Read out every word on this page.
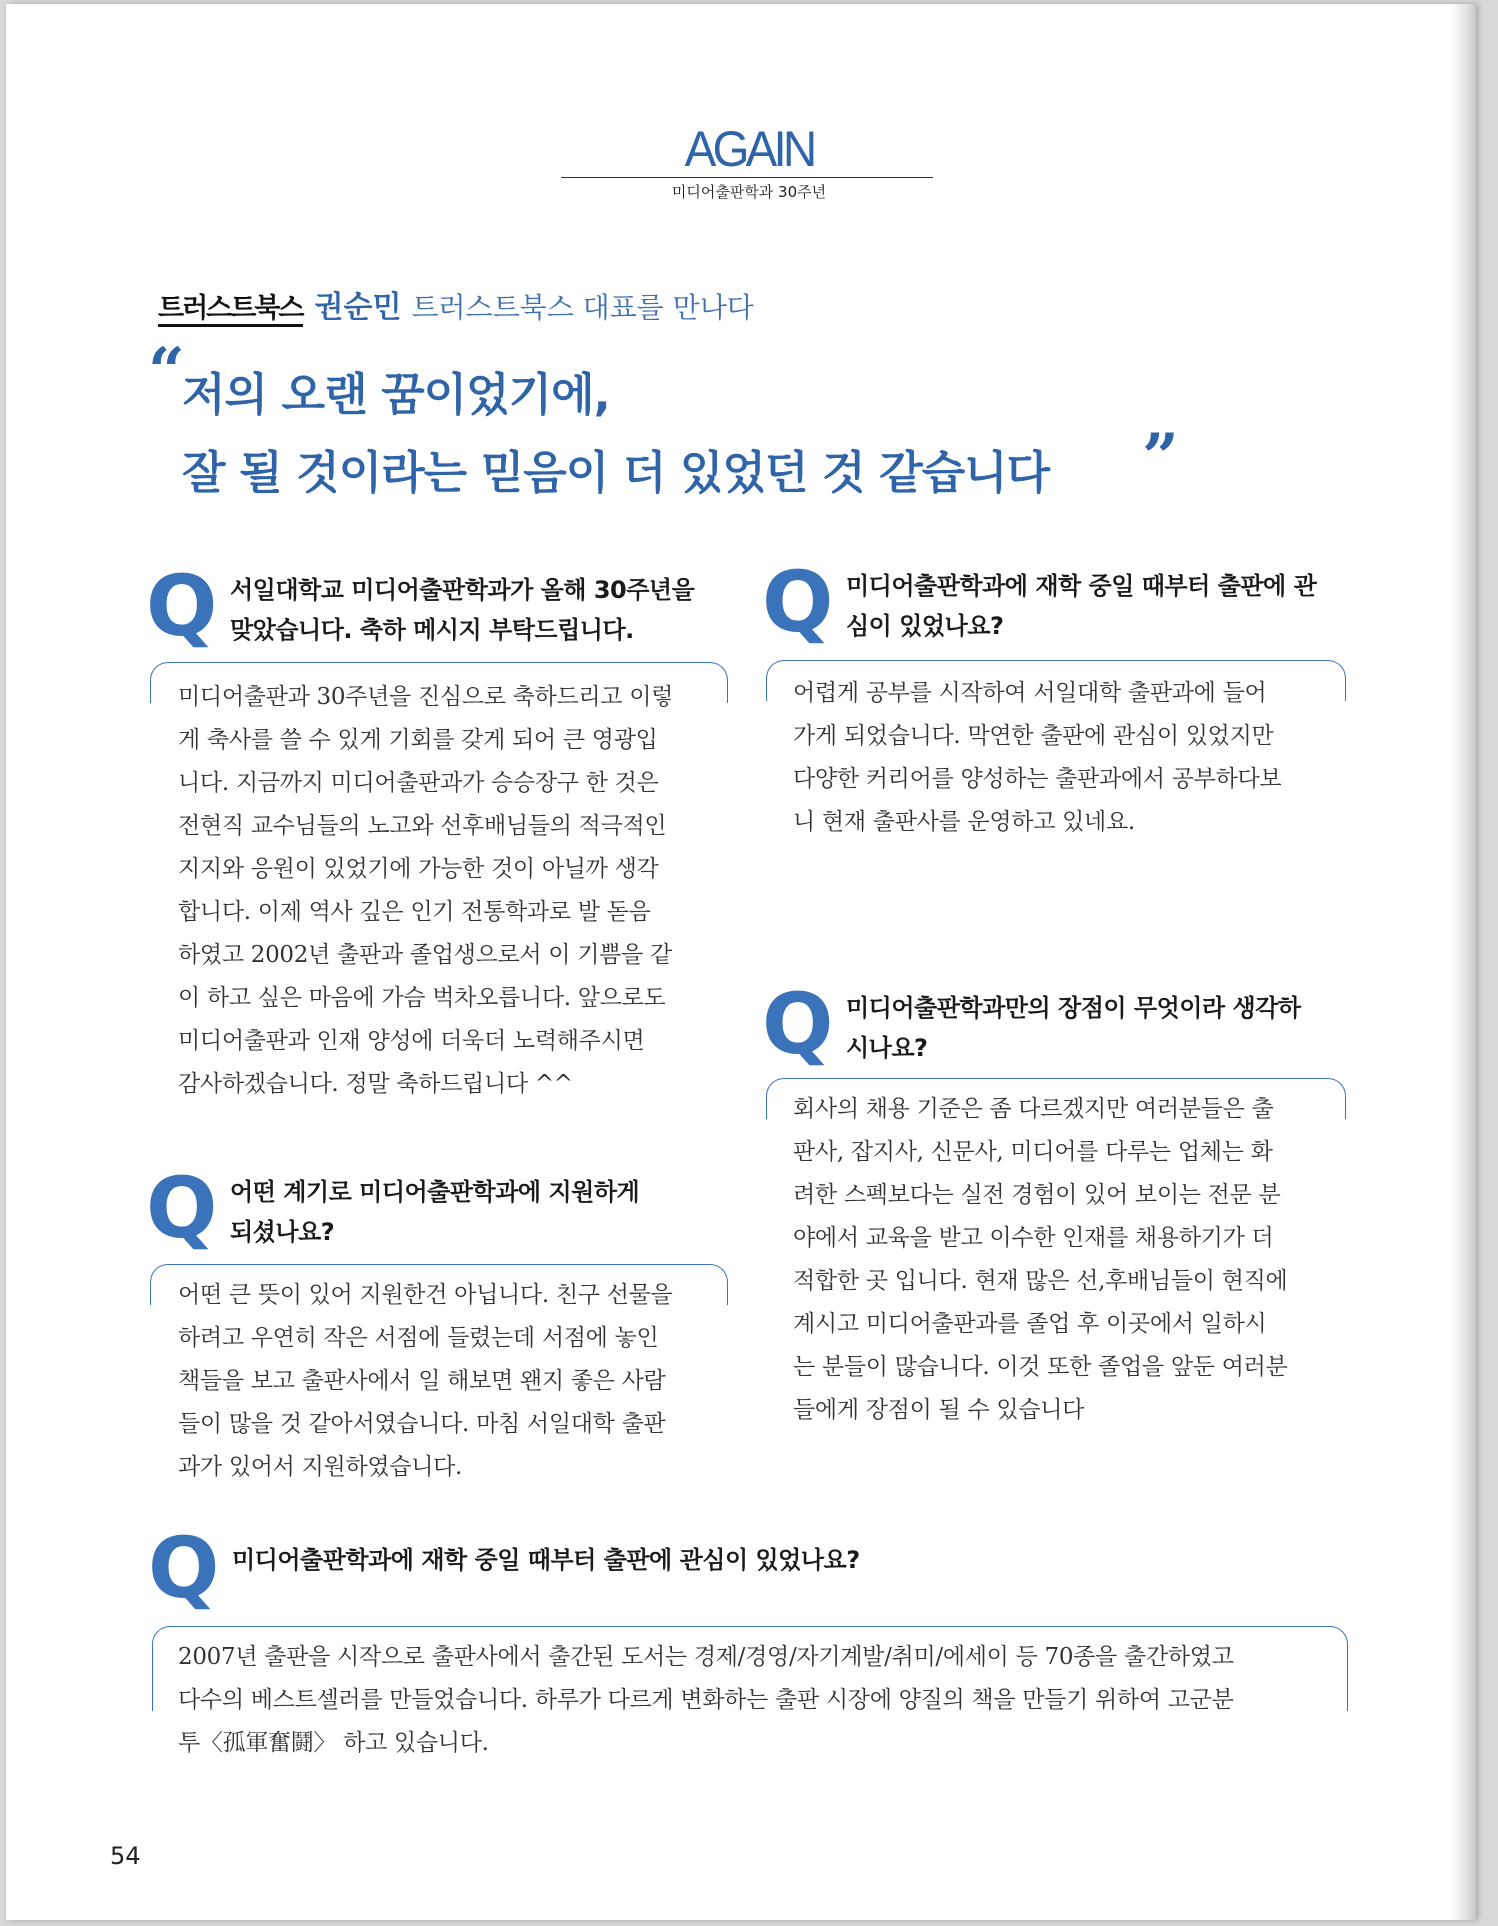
AGAIN
미디어출판학과 30주년
트러스트북스 권순민 트러스트북스 대표를 만나다
“
저의 오랜 꿈이었기에,
잘 될 것이라는 믿음이 더 있었던 것 같습니다	”
Q 서일대학교 미디어출판학과가 올해 30주년을
맞았습니다. 축하 메시지 부탁드립니다.
미디어출판과 30주년을 진심으로 축하드리고 이렇
게 축사를 쓸 수 있게 기회를 갖게 되어 큰 영광입
니다. 지금까지 미디어출판과가 승승장구 한 것은
전현직 교수님들의 노고와 선후배님들의 적극적인
지지와 응원이 있었기에 가능한 것이 아닐까 생각
합니다. 이제 역사 깊은 인기 전통학과로 발 돋음
하였고 2002년 출판과 졸업생으로서 이 기쁨을 같
이 하고 싶은 마음에 가슴 벅차오릅니다. 앞으로도
미디어출판과 인재 양성에 더욱더 노력해주시면
감사하겠습니다. 정말 축하드립니다 ^^
Q 어떤 계기로 미디어출판학과에 지원하게
되셨나요?
어떤 큰 뜻이 있어 지원한건 아닙니다. 친구 선물을
하려고 우연히 작은 서점에 들렸는데 서점에 놓인
책들을 보고 출판사에서 일 해보면 왠지 좋은 사람
들이 많을 것 같아서였습니다. 마침 서일대학 출판
과가 있어서 지원하였습니다.
Q 미디어출판학과에 재학 중일 때부터 출판에 관
심이 있었나요?
어렵게 공부를 시작하여 서일대학 출판과에 들어
가게 되었습니다. 막연한 출판에 관심이 있었지만
다양한 커리어를 양성하는 출판과에서 공부하다보
니 현재 출판사를 운영하고 있네요.
Q 미디어출판학과만의 장점이 무엇이라 생각하
시나요?
회사의 채용 기준은 좀 다르겠지만 여러분들은 출
판사, 잡지사, 신문사, 미디어를 다루는 업체는 화
려한 스펙보다는 실전 경험이 있어 보이는 전문 분
야에서 교육을 받고 이수한 인재를 채용하기가 더
적합한 곳 입니다. 현재 많은 선,후배님들이 현직에
계시고 미디어출판과를 졸업 후 이곳에서 일하시
는 분들이 많습니다. 이것 또한 졸업을 앞둔 여러분
들에게 장점이 될 수 있습니다
Q 미디어출판학과에 재학 중일 때부터 출판에 관심이 있었나요?
2007년 출판을 시작으로 출판사에서 출간된 도서는 경제/경영/자기계발/취미/에세이 등 70종을 출간하였고
다수의 베스트셀러를 만들었습니다. 하루가 다르게 변화하는 출판 시장에 양질의 책을 만들기 위하여 고군분
투〈孤軍奮鬪〉 하고 있습니다.
54
